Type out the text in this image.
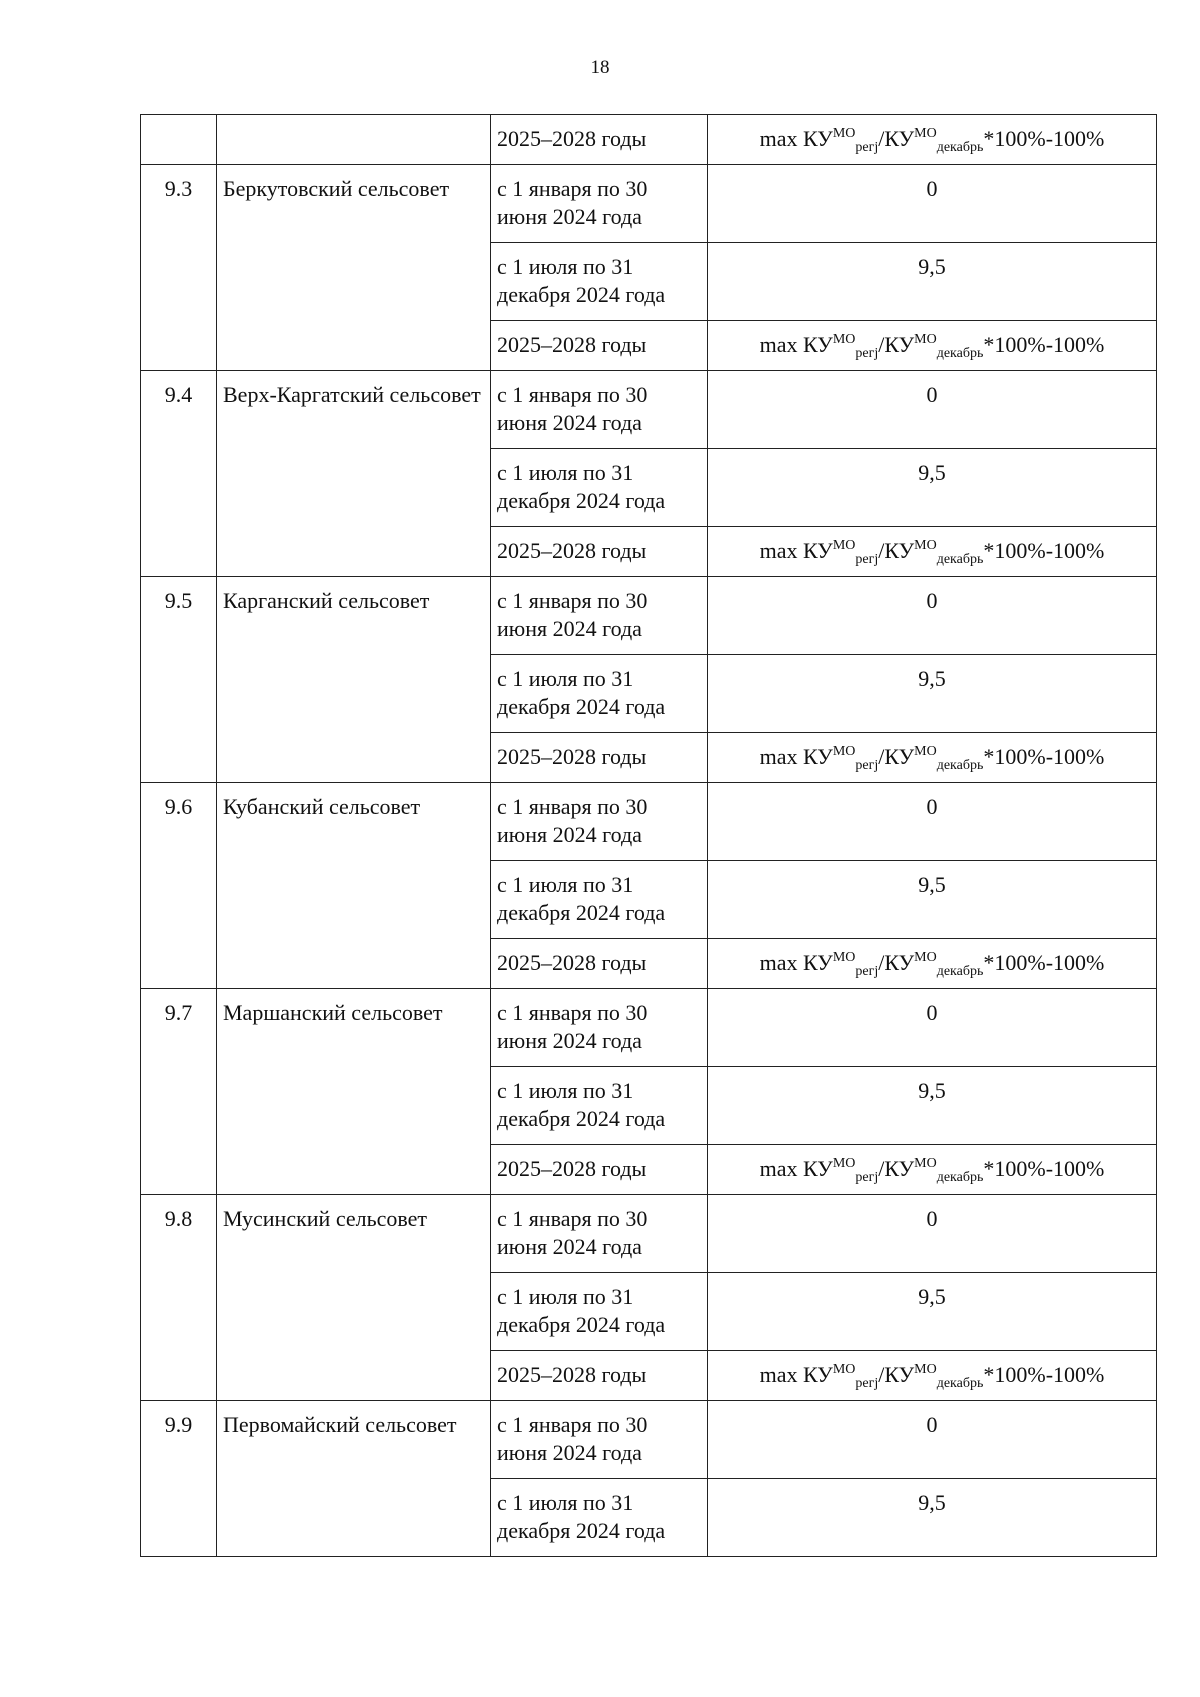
18
		2025–2028 годы	$\max КУ^{МО}_{регj}/КУ^{МО}_{декабрь}*100\%-100\%$
9.3	Беркутовский сельсовет	с 1 января по 30 июня 2024 года	0
		с 1 июля по 31 декабря 2024 года	9,5
		2025–2028 годы	$\max КУ^{МО}_{регj}/КУ^{МО}_{декабрь}*100\%-100\%$
9.4	Верх-Каргатский сельсовет	с 1 января по 30 июня 2024 года	0
		с 1 июля по 31 декабря 2024 года	9,5
		2025–2028 годы	$\max КУ^{МО}_{регj}/КУ^{МО}_{декабрь}*100\%-100\%$
9.5	Карганский сельсовет	с 1 января по 30 июня 2024 года	0
		с 1 июля по 31 декабря 2024 года	9,5
		2025–2028 годы	$\max КУ^{МО}_{регj}/КУ^{МО}_{декабрь}*100\%-100\%$
9.6	Кубанский сельсовет	с 1 января по 30 июня 2024 года	0
		с 1 июля по 31 декабря 2024 года	9,5
		2025–2028 годы	$\max КУ^{МО}_{регj}/КУ^{МО}_{декабрь}*100\%-100\%$
9.7	Маршанский сельсовет	с 1 января по 30 июня 2024 года	0
		с 1 июля по 31 декабря 2024 года	9,5
		2025–2028 годы	$\max КУ^{МО}_{регj}/КУ^{МО}_{декабрь}*100\%-100\%$
9.8	Мусинский сельсовет	с 1 января по 30 июня 2024 года	0
		с 1 июля по 31 декабря 2024 года	9,5
		2025–2028 годы	$\max КУ^{МО}_{регj}/КУ^{МО}_{декабрь}*100\%-100\%$
9.9	Первомайский сельсовет	с 1 января по 30 июня 2024 года	0
		с 1 июля по 31 декабря 2024 года	9,5
